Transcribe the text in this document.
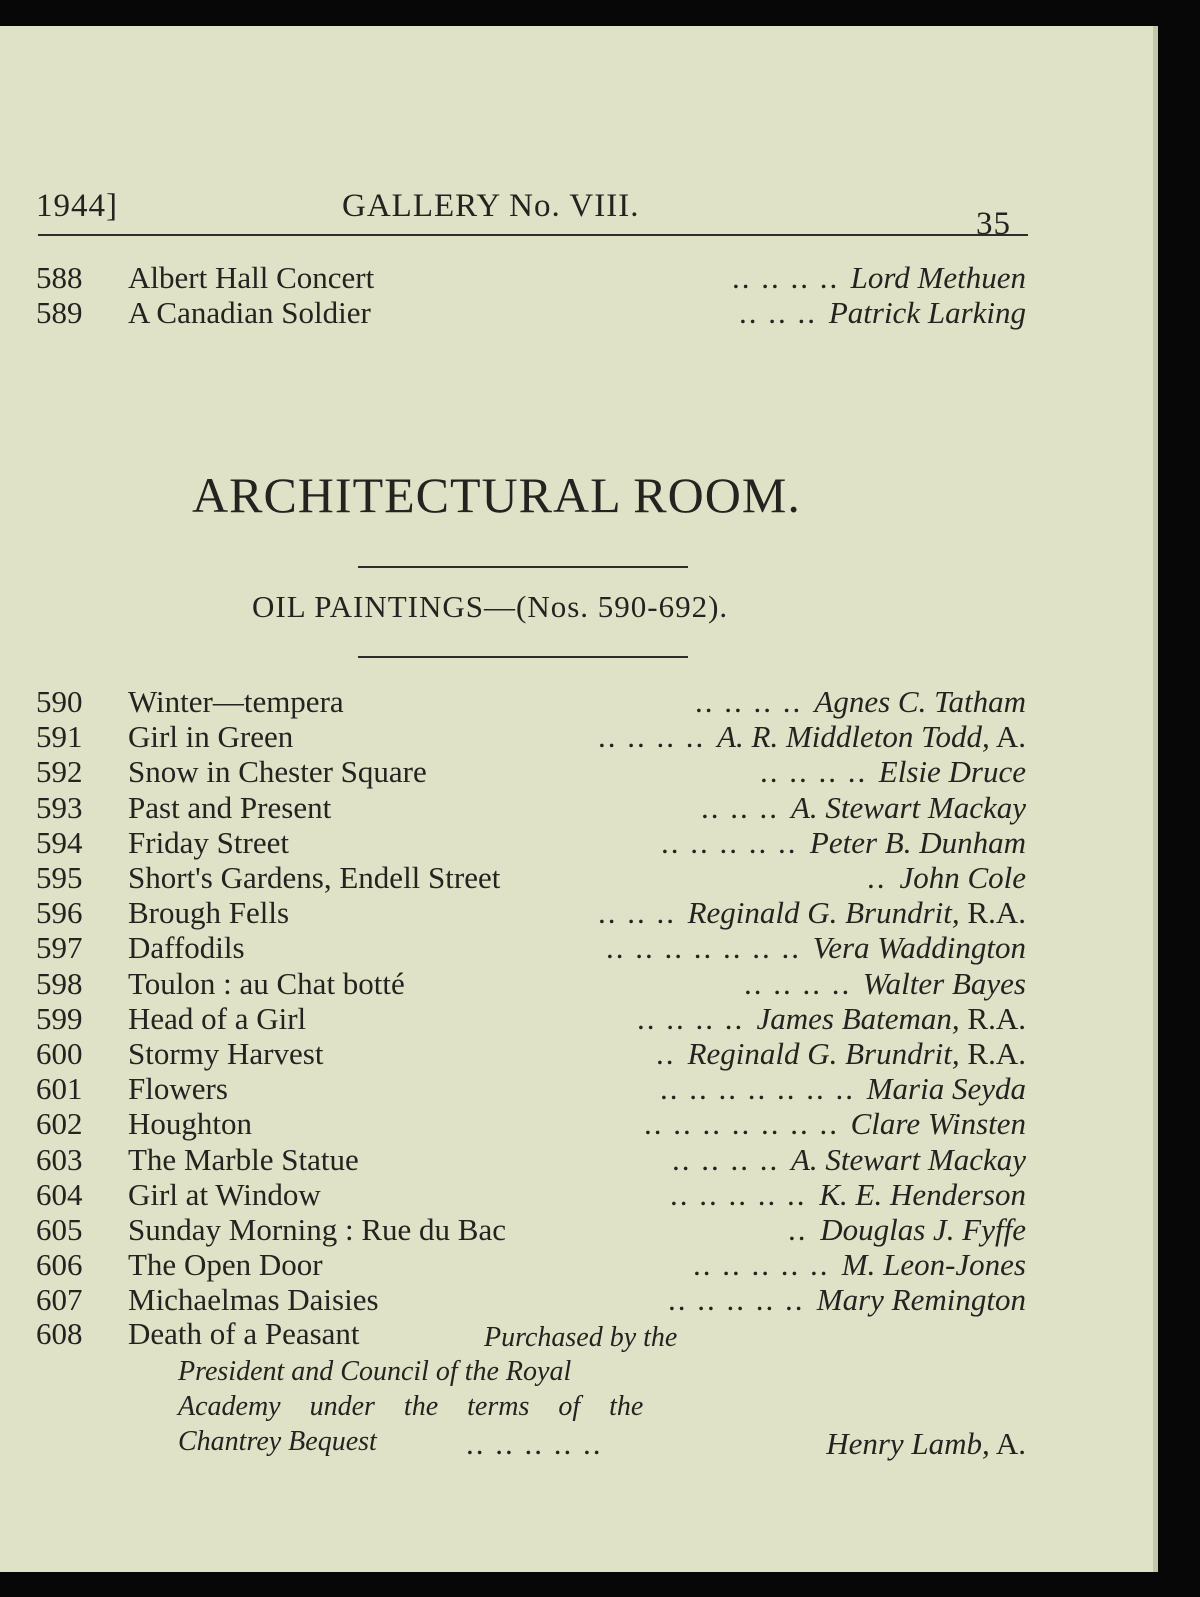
1944]	GALLERY No. VIII.	35
588	Albert Hall Concert	Lord Methuen
.. .. .. ..
589	A Canadian Soldier	Patrick Larking
.. .. ..
ARCHITECTURAL ROOM.
OIL PAINTINGS—(Nos. 590-692).
590	Winter—tempera	Agnes C. Tatham
.. .. .. ..
591	Girl in Green	A. R. Middleton Todd, A.
.. .. .. ..
592	Snow in Chester Square	Elsie Druce
.. .. .. ..
593	Past and Present	A. Stewart Mackay
.. .. ..
594	Friday Street	Peter B. Dunham
.. .. .. .. ..
595	Short's Gardens, Endell Street	John Cole
..
596	Brough Fells	Reginald G. Brundrit, R.A.
.. .. ..
597	Daffodils	Vera Waddington
.. .. .. .. .. .. ..
598	Toulon : au Chat botté	Walter Bayes
.. .. .. ..
599	Head of a Girl	James Bateman, R.A.
.. .. .. ..
600	Stormy Harvest	Reginald G. Brundrit, R.A.
..
601	Flowers	Maria Seyda
.. .. .. .. .. .. ..
602	Houghton	Clare Winsten
.. .. .. .. .. .. ..
603	The Marble Statue	A. Stewart Mackay
.. .. .. ..
604	Girl at Window	K. E. Henderson
.. .. .. .. ..
605	Sunday Morning : Rue du Bac	Douglas J. Fyffe
..
606	The Open Door	M. Leon-Jones
.. .. .. .. ..
607	Michaelmas Daisies	Mary Remington
.. .. .. .. ..
608	Death of a Peasant	Purchased by the
President and Council of the Royal
Academy under the terms of the
Chantrey Bequest	.. .. .. .. ..	Henry Lamb, A.
